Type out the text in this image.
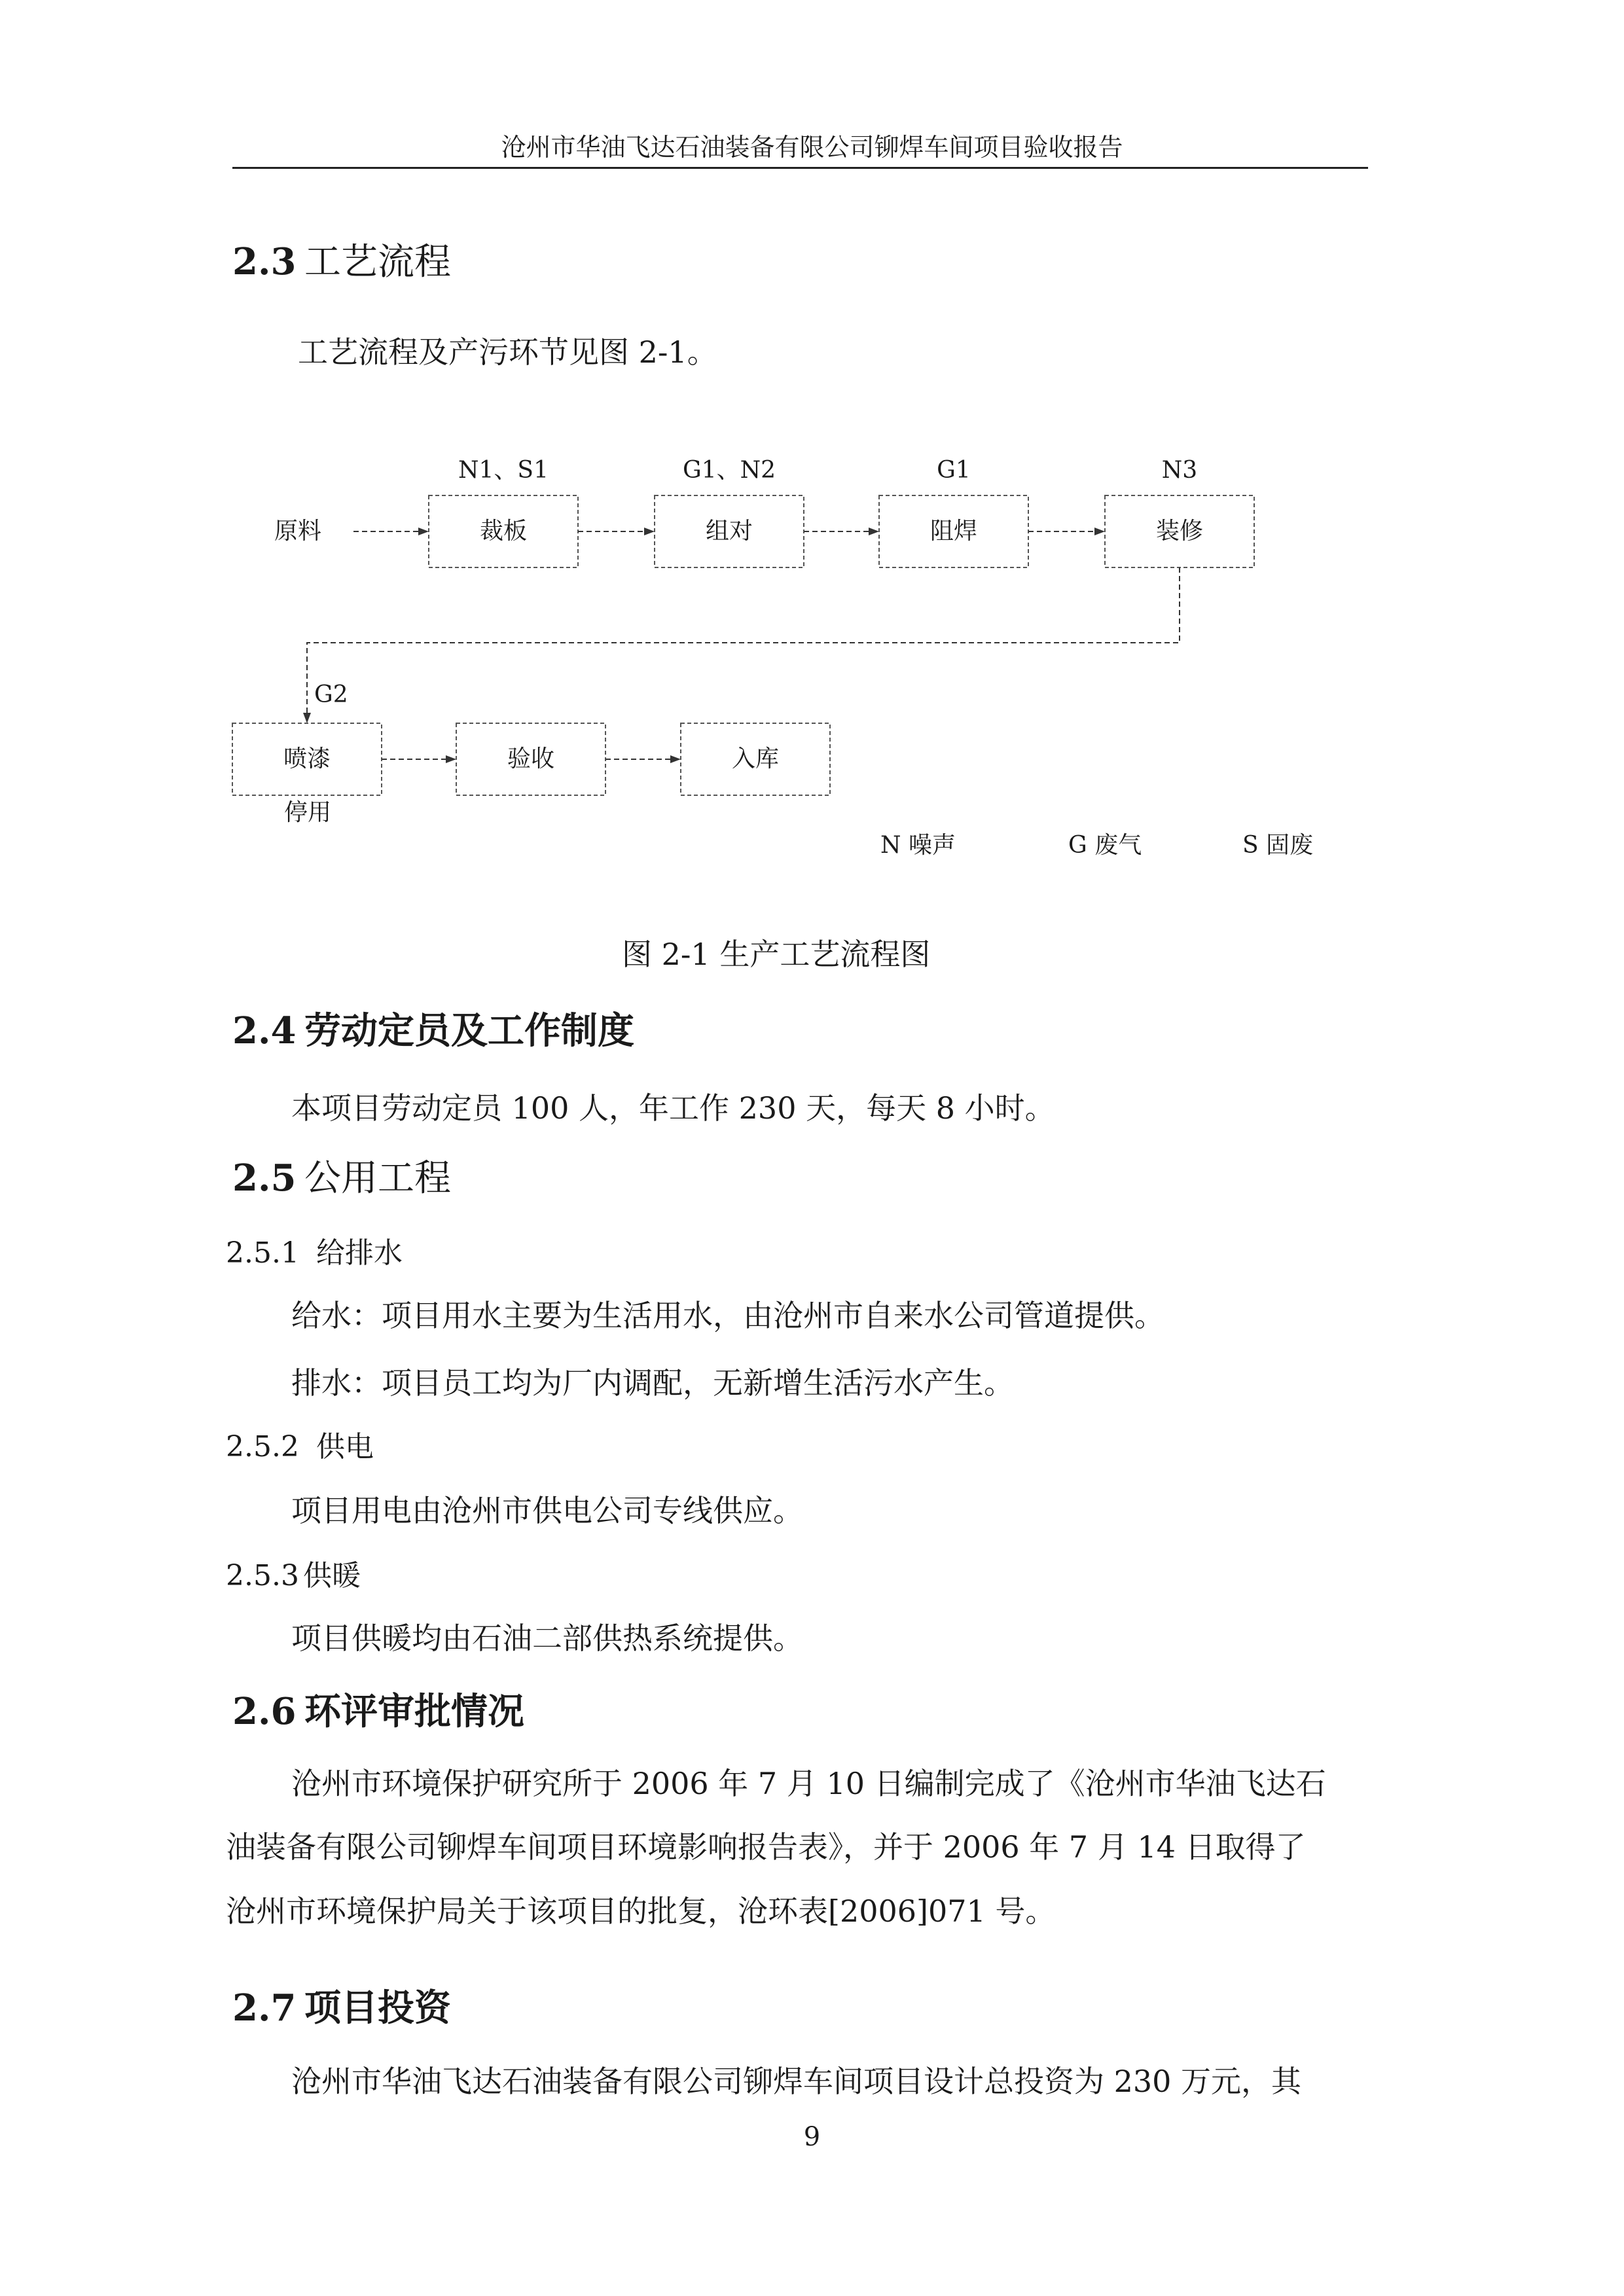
沧州市华油飞达石油装备有限公司铆焊车间项目验收报告
2.3 工艺流程
工艺流程及产污环节见图 2-1。
原料	裁板	组对	阻焊	装修
N1、S1	G1、N2	G1	N3
喷漆	验收	入库
G2
停用
N 噪声	G 废气	S 固废
图 2-1 生产工艺流程图
2.4 劳动定员及工作制度
本项目劳动定员 100 人，年工作 230 天，每天 8 小时。
2.5 公用工程
2.5.1 给排水
给水：项目用水主要为生活用水，由沧州市自来水公司管道提供。
排水：项目员工均为厂内调配，无新增生活污水产生。
2.5.2 供电
项目用电由沧州市供电公司专线供应。
2.5.3 供暖
项目供暖均由石油二部供热系统提供。
2.6 环评审批情况
沧州市环境保护研究所于 2006 年 7 月 10 日编制完成了《沧州市华油飞达石
油装备有限公司铆焊车间项目环境影响报告表》，并于 2006 年 7 月 14 日取得了
沧州市环境保护局关于该项目的批复，沧环表[2006]071 号。
2.7 项目投资
沧州市华油飞达石油装备有限公司铆焊车间项目设计总投资为 230 万元，其
9
